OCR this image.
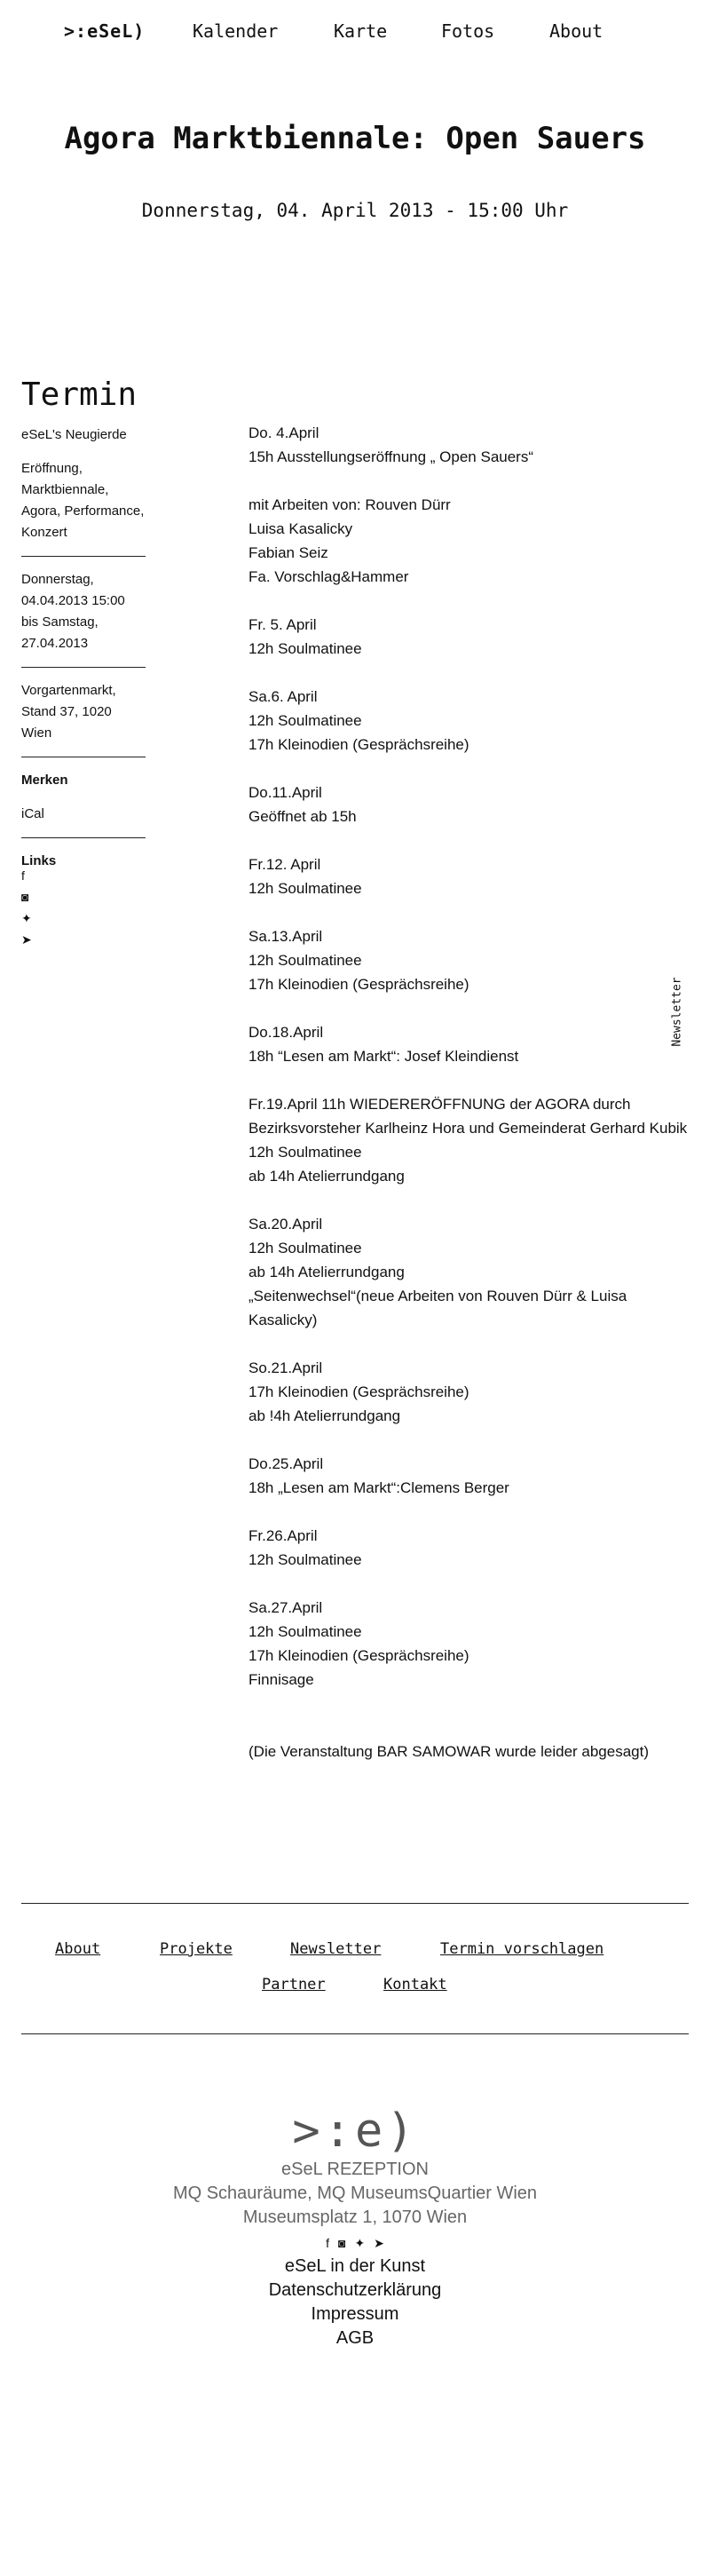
>:eSeL)	Kalender	Karte	Fotos	About
Agora Marktbiennale: Open Sauers
Donnerstag, 04. April 2013 - 15:00 Uhr
Termin
eSeL's Neugierde
Eröffnung, Marktbiennale, Agora, Performance, Konzert
Donnerstag, 04.04.2013 15:00 bis Samstag, 27.04.2013
Vorgartenmarkt, Stand 37, 1020 Wien
Merken
iCal
Links
f
◙
✦
➤
Do. 4.April
15h Ausstellungseröffnung „ Open Sauers“
mit Arbeiten von: Rouven Dürr
Luisa Kasalicky
Fabian Seiz
Fa. Vorschlag&Hammer
Fr. 5. April
12h Soulmatinee
Sa.6. April
12h Soulmatinee
17h Kleinodien (Gesprächsreihe)
Do.11.April
Geöffnet ab 15h
Fr.12. April
12h Soulmatinee
Sa.13.April
12h Soulmatinee
17h Kleinodien (Gesprächsreihe)
Do.18.April
18h “Lesen am Markt“: Josef Kleindienst
Fr.19.April 11h WIEDERERÖFFNUNG der AGORA durch Bezirksvorsteher Karlheinz Hora und Gemeinderat Gerhard Kubik
12h Soulmatinee
ab 14h Atelierrundgang
Sa.20.April
12h Soulmatinee
ab 14h Atelierrundgang
„Seitenwechsel“(neue Arbeiten von Rouven Dürr & Luisa Kasalicky)
So.21.April
17h Kleinodien (Gesprächsreihe)
ab !4h Atelierrundgang
Do.25.April
18h „Lesen am Markt“:Clemens Berger
Fr.26.April
12h Soulmatinee
Sa.27.April
12h Soulmatinee
17h Kleinodien (Gesprächsreihe)
Finnisage
(Die Veranstaltung BAR SAMOWAR wurde leider abgesagt)
Newsletter
About	Projekte	Newsletter	Termin vorschlagen
Partner	Kontakt
>:e)
eSeL REZEPTION
MQ Schauräume, MQ MuseumsQuartier Wien
Museumsplatz 1, 1070 Wien
f ◙ ✦ ➤
eSeL in der Kunst
Datenschutzerklärung
Impressum
AGB
